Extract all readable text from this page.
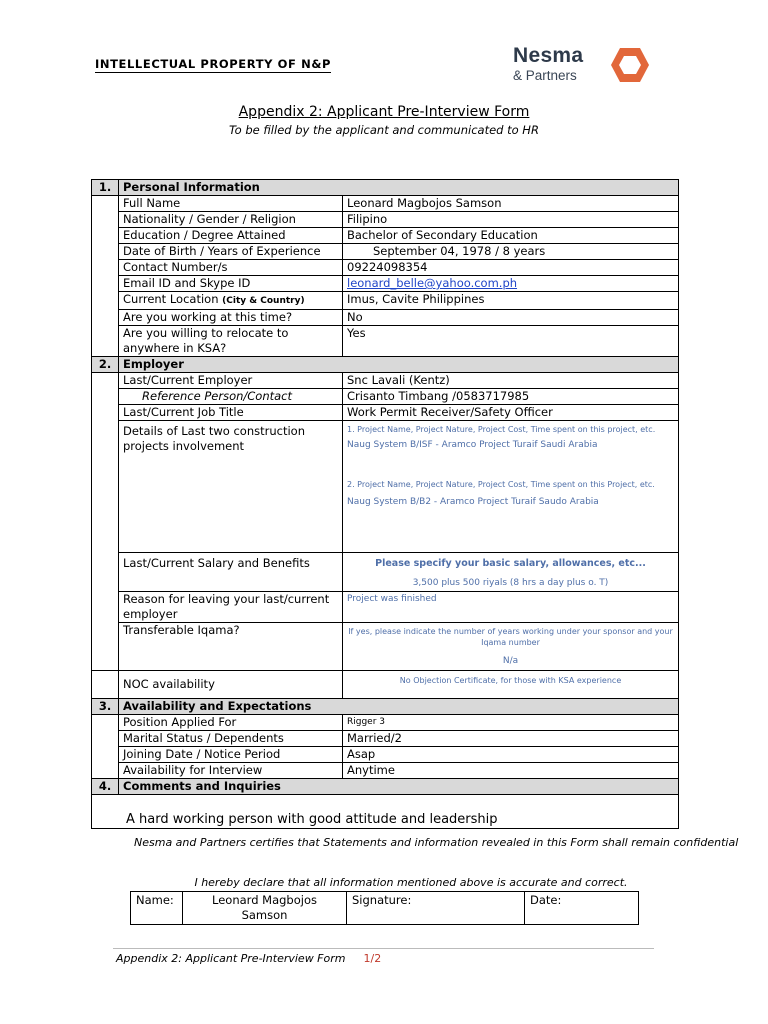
INTELLECTUAL PROPERTY OF N&P	Nesma
& Partners
Appendix 2: Applicant Pre-Interview Form
To be filled by the applicant and communicated to HR
1.	Personal Information	
	Full Name	Leonard Magbojos Samson
	Nationality / Gender / Religion	Filipino
	Education / Degree Attained	Bachelor of Secondary Education
	Date of Birth / Years of Experience	September 04, 1978 / 8 years
	Contact Number/s	09224098354
	Email ID and Skype ID	leonard_belle@yahoo.com.ph
	Current Location (City & Country)	Imus, Cavite Philippines
	Are you working at this time?	No
	Are you willing to relocate to anywhere in KSA?	Yes
2.	Employer	
	Last/Current Employer	Snc Lavali (Kentz)
	Reference Person/Contact	Crisanto Timbang /0583717985
	Last/Current Job Title	Work Permit Receiver/Safety Officer
	Details of Last two construction projects involvement	1. Project Name, Project Nature, Project Cost, Time spent on this project, etc.
Naug System B/ISF - Aramco Project Turaif Saudi Arabia
2. Project Name, Project Nature, Project Cost, Time spent on this Project, etc.
Naug System B/B2 - Aramco Project Turaif Saudo Arabia

	Last/Current Salary and Benefits	Please specify your basic salary, allowances, etc...
3,500 plus 500 riyals (8 hrs a day plus o. T)

	Reason for leaving your last/current employer	Project was finished
	Transferable Iqama?	If yes, please indicate the number of years working under your sponsor and your Iqama number
N/a

	NOC availability	No Objection Certificate, for those with KSA experience
3.	Availability and Expectations	
	Position Applied For	Rigger 3
	Marital Status / Dependents	Married/2
	Joining Date / Notice Period	Asap
	Availability for Interview	Anytime
4.	Comments and Inquiries	
A hard working person with good attitude and leadership		
Nesma and Partners certifies that Statements and information revealed in this Form shall remain confidential
I hereby declare that all information mentioned above is accurate and correct.
Name:	Leonard Magbojos Samson	Signature:	Date:
Appendix 2: Applicant Pre-Interview Form 1/2
